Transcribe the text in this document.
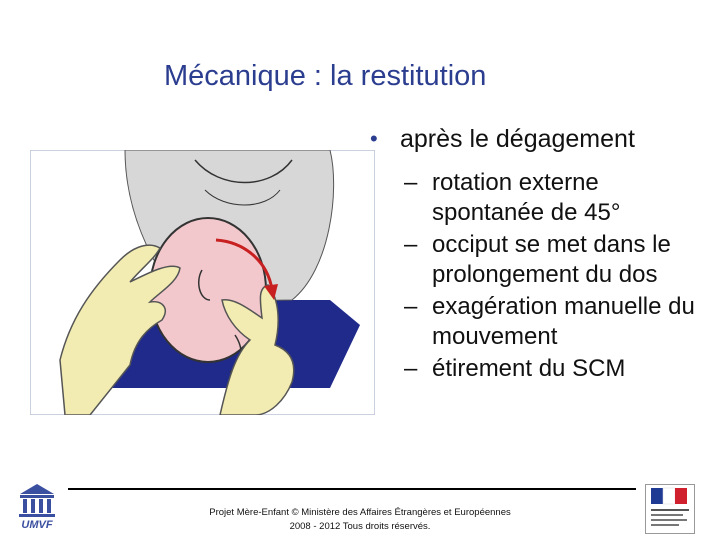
Mécanique : la restitution
• après le dégagement
– rotation externe spontanée de 45°
– occiput se met dans le prolongement du dos
– exagération manuelle du mouvement
– étirement du SCM
Projet Mère-Enfant © Ministère des Affaires Étrangères et Européennes
2008 - 2012 Tous droits réservés.
UMVF
